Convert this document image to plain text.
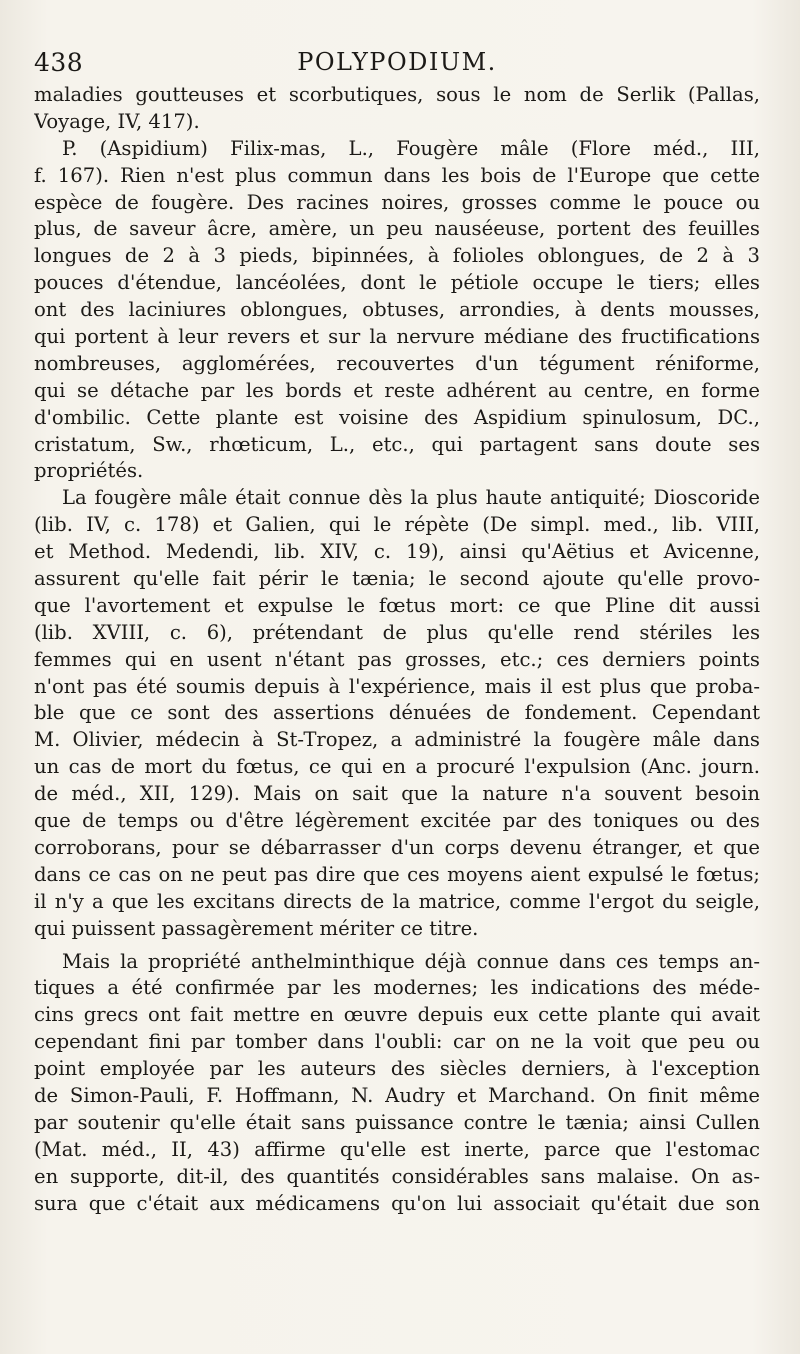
438	POLYPODIUM.
maladies goutteuses et scorbutiques, sous le nom de Serlik (Pallas,
Voyage, IV, 417).
P. (Aspidium) Filix-mas, L., Fougère mâle (Flore méd., III,
f. 167). Rien n'est plus commun dans les bois de l'Europe que cette
espèce de fougère. Des racines noires, grosses comme le pouce ou
plus, de saveur âcre, amère, un peu nauséeuse, portent des feuilles
longues de 2 à 3 pieds, bipinnées, à folioles oblongues, de 2 à 3
pouces d'étendue, lancéolées, dont le pétiole occupe le tiers; elles
ont des laciniures oblongues, obtuses, arrondies, à dents mousses,
qui portent à leur revers et sur la nervure médiane des fructifications
nombreuses, agglomérées, recouvertes d'un tégument réniforme,
qui se détache par les bords et reste adhérent au centre, en forme
d'ombilic. Cette plante est voisine des Aspidium spinulosum, DC.,
cristatum, Sw., rhœticum, L., etc., qui partagent sans doute ses
propriétés.
La fougère mâle était connue dès la plus haute antiquité; Dioscoride
(lib. IV, c. 178) et Galien, qui le répète (De simpl. med., lib. VIII,
et Method. Medendi, lib. XIV, c. 19), ainsi qu'Aëtius et Avicenne,
assurent qu'elle fait périr le tænia; le second ajoute qu'elle provo-
que l'avortement et expulse le fœtus mort: ce que Pline dit aussi
(lib. XVIII, c. 6), prétendant de plus qu'elle rend stériles les
femmes qui en usent n'étant pas grosses, etc.; ces derniers points
n'ont pas été soumis depuis à l'expérience, mais il est plus que proba-
ble que ce sont des assertions dénuées de fondement. Cependant
M. Olivier, médecin à St-Tropez, a administré la fougère mâle dans
un cas de mort du fœtus, ce qui en a procuré l'expulsion (Anc. journ.
de méd., XII, 129). Mais on sait que la nature n'a souvent besoin
que de temps ou d'être légèrement excitée par des toniques ou des
corroborans, pour se débarrasser d'un corps devenu étranger, et que
dans ce cas on ne peut pas dire que ces moyens aient expulsé le fœtus;
il n'y a que les excitans directs de la matrice, comme l'ergot du seigle,
qui puissent passagèrement mériter ce titre.
Mais la propriété anthelminthique déjà connue dans ces temps an-
tiques a été confirmée par les modernes; les indications des méde-
cins grecs ont fait mettre en œuvre depuis eux cette plante qui avait
cependant fini par tomber dans l'oubli: car on ne la voit que peu ou
point employée par les auteurs des siècles derniers, à l'exception
de Simon-Pauli, F. Hoffmann, N. Audry et Marchand. On finit même
par soutenir qu'elle était sans puissance contre le tænia; ainsi Cullen
(Mat. méd., II, 43) affirme qu'elle est inerte, parce que l'estomac
en supporte, dit-il, des quantités considérables sans malaise. On as-
sura que c'était aux médicamens qu'on lui associait qu'était due son
